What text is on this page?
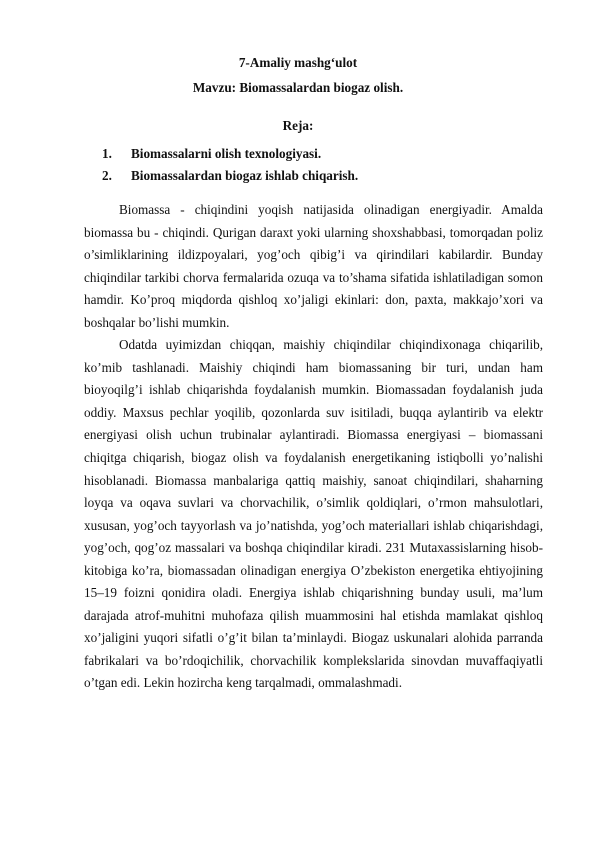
7-Amaliy mashg‘ulot
Mavzu: Biomassalardan biogaz olish.
Reja:
1. Biomassalarni olish texnologiyasi.
2. Biomassalardan biogaz ishlab chiqarish.

Biomassa - chiqindini yoqish natijasida olinadigan energiyadir. Amalda biomassa bu - chiqindi. Qurigan daraxt yoki ularning shoxshabbasi, tomorqadan poliz o’simliklarining ildizpoyalari, yog’och qibig’i va qirindilari kabilardir. Bunday chiqindilar tarkibi chorva fermalarida ozuqa va to’shama sifatida ishlatiladigan somon hamdir. Ko’proq miqdorda qishloq xo’jaligi ekinlari: don, paxta, makkajo’xori va boshqalar bo’lishi mumkin.

Odatda uyimizdan chiqqan, maishiy chiqindilar chiqindixonaga chiqarilib, ko’mib tashlanadi. Maishiy chiqindi ham biomassaning bir turi, undan ham bioyoqilg’i ishlab chiqarishda foydalanish mumkin. Biomassadan foydalanish juda oddiy. Maxsus pechlar yoqilib, qozonlarda suv isitiladi, buqqa aylantirib va elektr energiyasi olish uchun trubinalar aylantiradi. Biomassa energiyasi – biomassani chiqitga chiqarish, biogaz olish va foydalanish energetikaning istiqbolli yo’nalishi hisoblanadi. Biomassa manbalariga qattiq maishiy, sanoat chiqindilari, shaharning loyqa va oqava suvlari va chorvachilik, o’simlik qoldiqlari, o’rmon mahsulotlari, xususan, yog’och tayyorlash va jo’natishda, yog’och materiallari ishlab chiqarishdagi, yog’och, qog’oz massalari va boshqa chiqindilar kiradi. 231 Mutaxassislarning hisob-kitobiga ko’ra, biomassadan olinadigan energiya O’zbekiston energetika ehtiyojining 15–19 foizni qonidira oladi. Energiya ishlab chiqarishning bunday usuli, ma’lum darajada atrof-muhitni muhofaza qilish muammosini hal etishda mamlakat qishloq xo’jaligini yuqori sifatli o’g’it bilan ta’minlaydi. Biogaz uskunalari alohida parranda fabrikalari va bo’rdoqichilik, chorvachilik komplekslarida sinovdan muvaffaqiyatli o’tgan edi. Lekin hozircha keng tarqalmadi, ommalashmadi.
